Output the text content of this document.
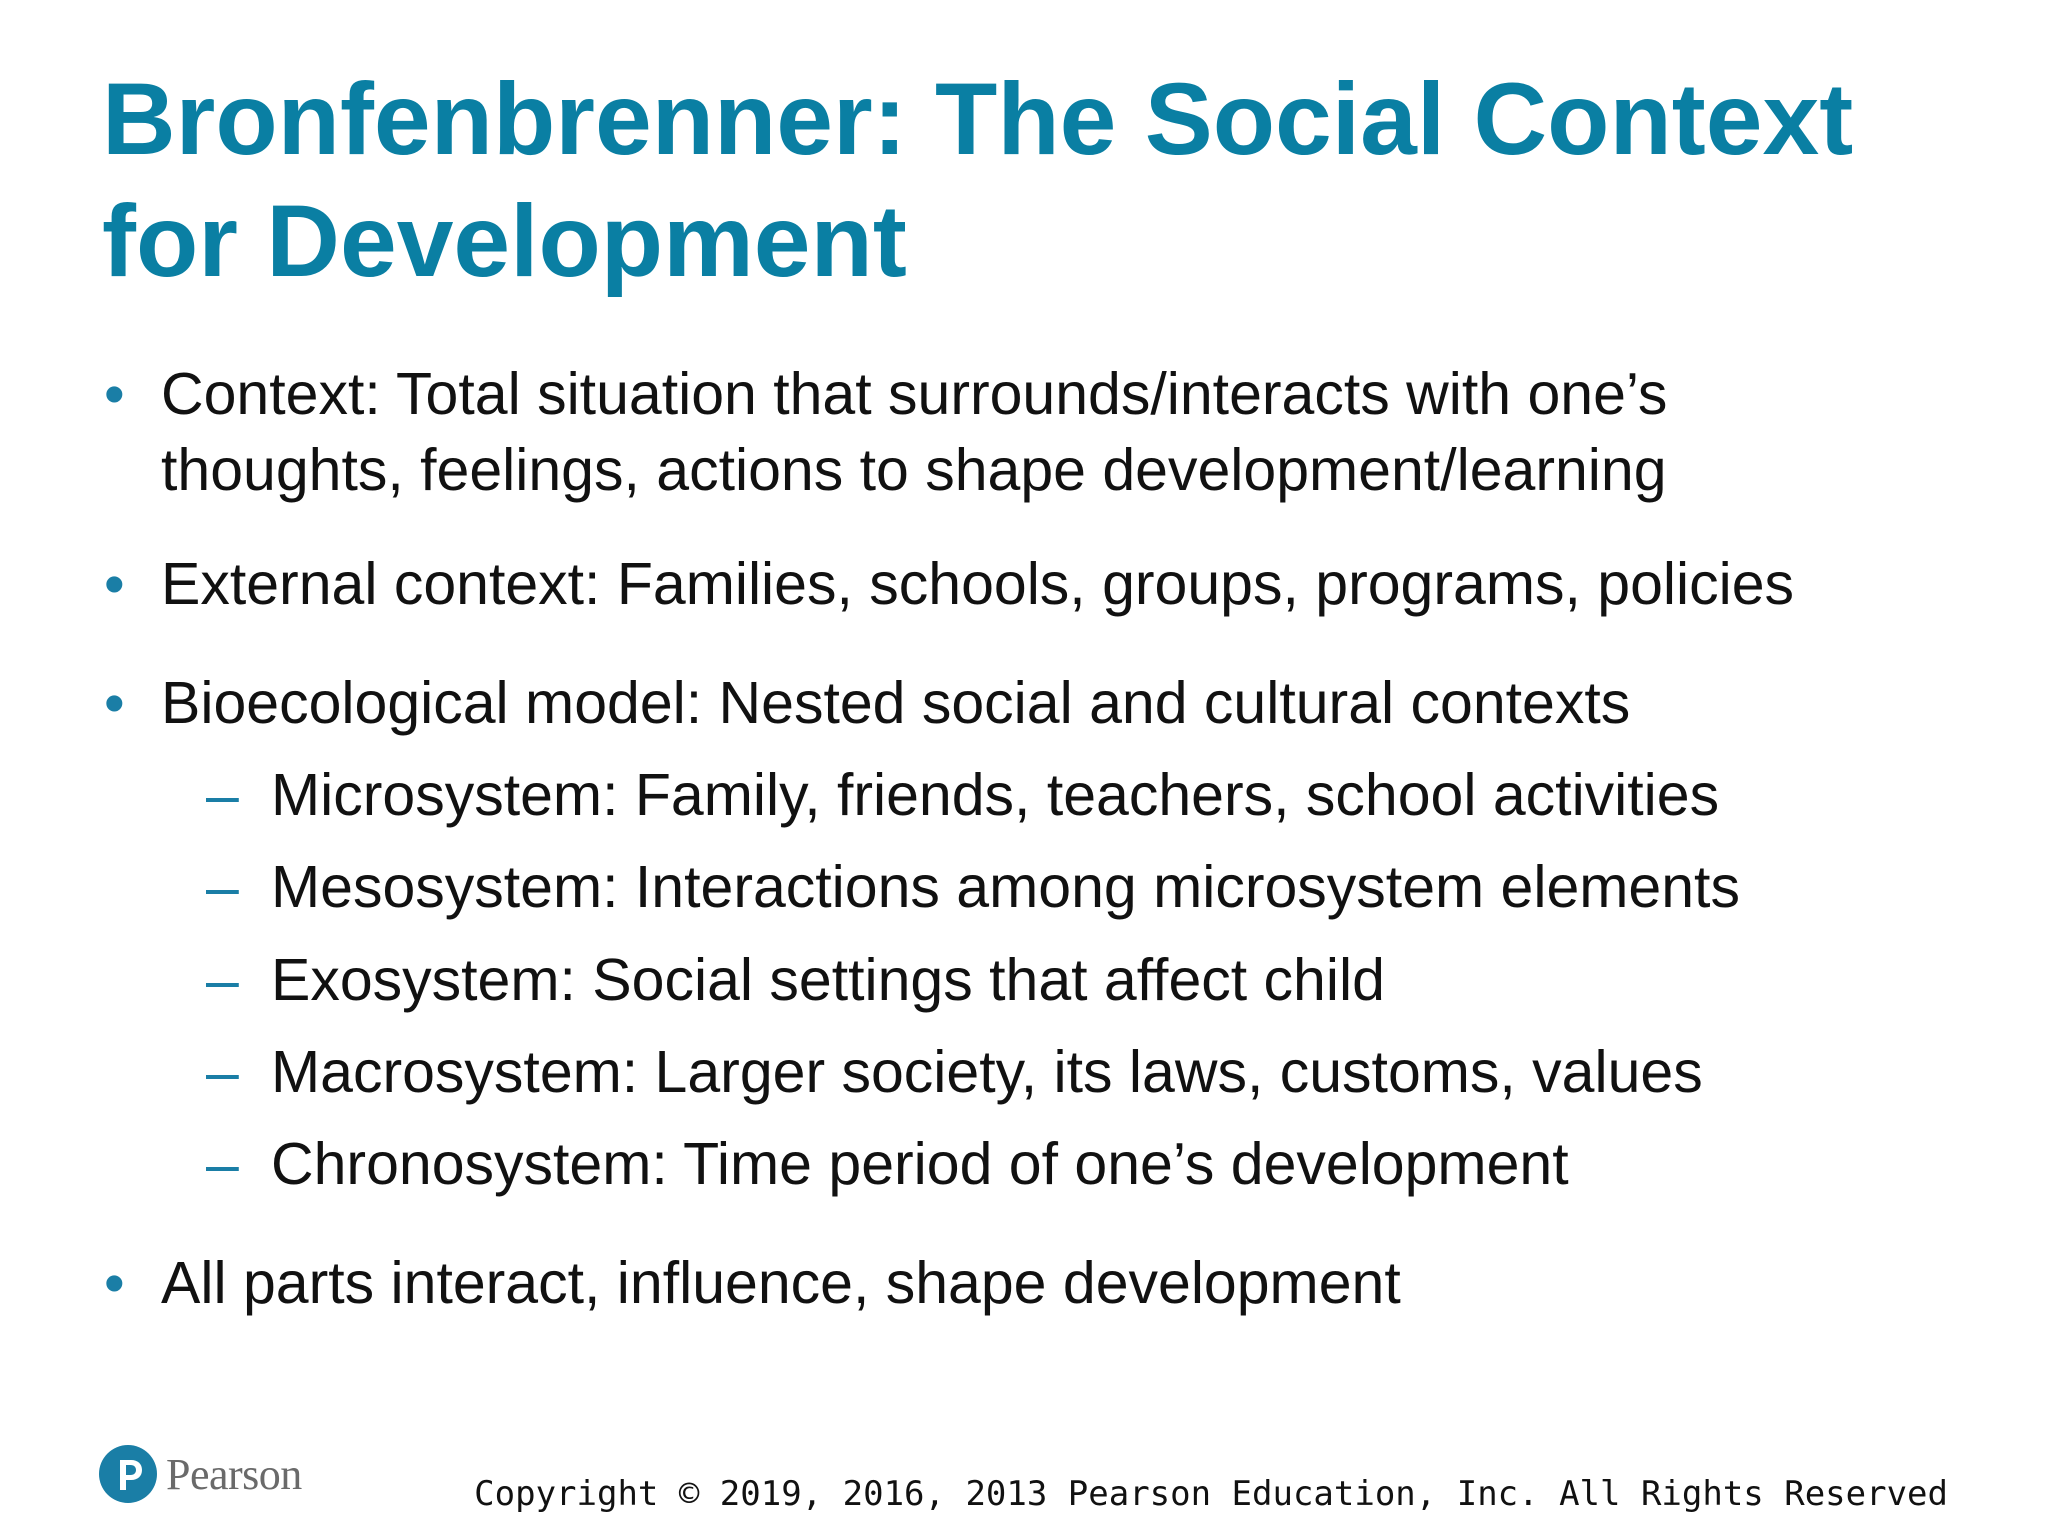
Bronfenbrenner: The Social Context
for Development
• Context: Total situation that surrounds/interacts with one’s
thoughts, feelings, actions to shape development/learning
• External context: Families, schools, groups, programs, policies
• Bioecological model: Nested social and cultural contexts
– Microsystem: Family, friends, teachers, school activities
– Mesosystem: Interactions among microsystem elements
– Exosystem: Social settings that affect child
– Macrosystem: Larger society, its laws, customs, values
– Chronosystem: Time period of one’s development
• All parts interact, influence, shape development
Pearson	Copyright © 2019, 2016, 2013 Pearson Education, Inc. All Rights Reserved
